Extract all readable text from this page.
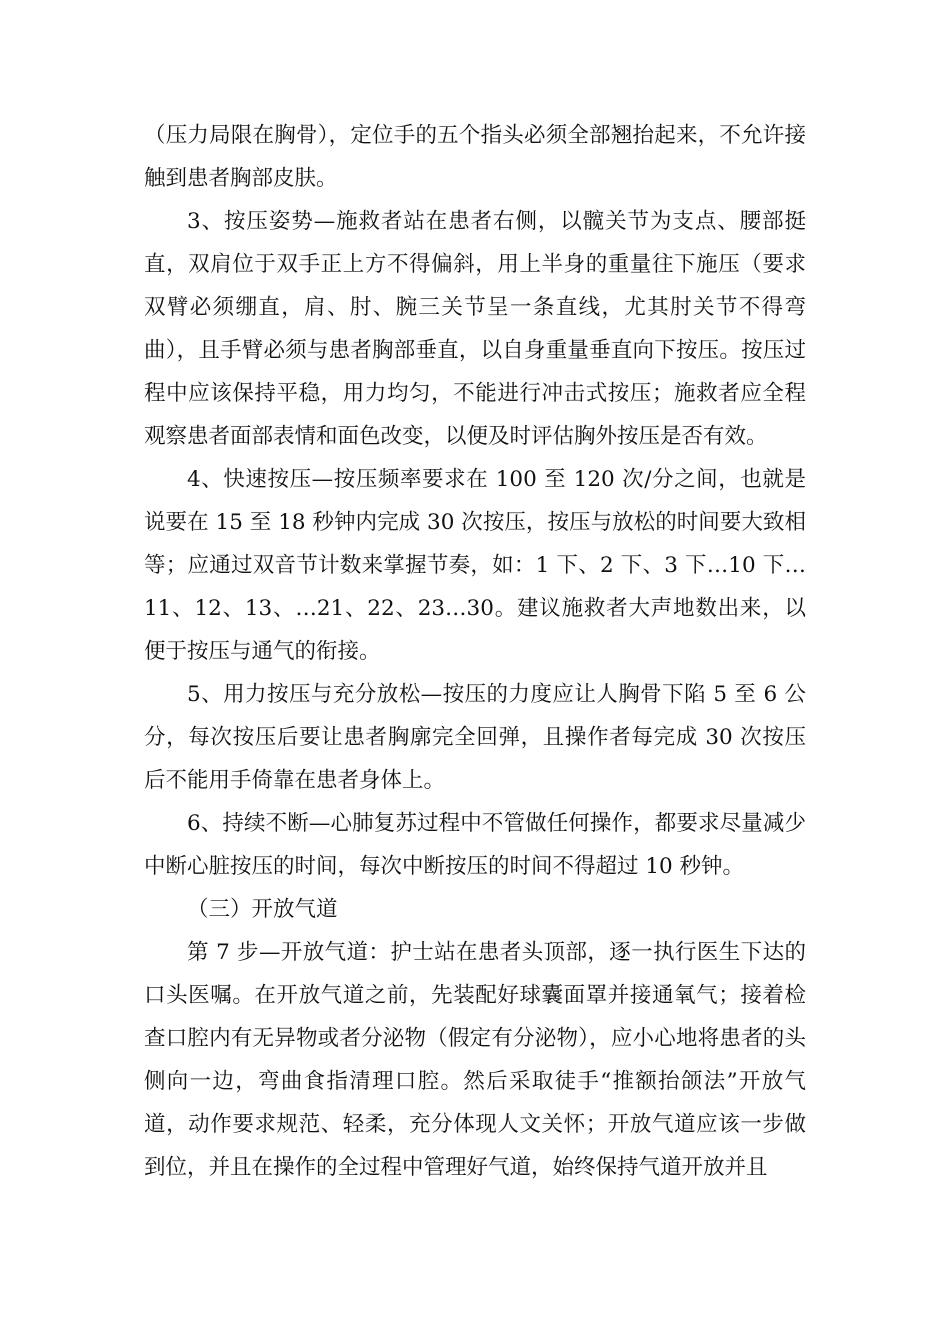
（压力局限在胸骨），定位手的五个指头必须全部翘抬起来，不允许接触到患者胸部皮肤。

3、按压姿势—施救者站在患者右侧，以髋关节为支点、腰部挺直，双肩位于双手正上方不得偏斜，用上半身的重量往下施压（要求双臂必须绷直，肩、肘、腕三关节呈一条直线，尤其肘关节不得弯曲），且手臂必须与患者胸部垂直，以自身重量垂直向下按压。按压过程中应该保持平稳，用力均匀，不能进行冲击式按压；施救者应全程观察患者面部表情和面色改变，以便及时评估胸外按压是否有效。

4、快速按压—按压频率要求在 100 至 120 次/分之间，也就是说要在 15 至 18 秒钟内完成 30 次按压，按压与放松的时间要大致相等；应通过双音节计数来掌握节奏，如：1 下、2 下、3 下…10 下…11、12、13、…21、22、23…30。建议施救者大声地数出来，以便于按压与通气的衔接。

5、用力按压与充分放松—按压的力度应让人胸骨下陷 5 至 6 公分，每次按压后要让患者胸廓完全回弹，且操作者每完成 30 次按压后不能用手倚靠在患者身体上。

6、持续不断—心肺复苏过程中不管做任何操作，都要求尽量减少中断心脏按压的时间，每次中断按压的时间不得超过 10 秒钟。

（三）开放气道

第 7 步—开放气道：护士站在患者头顶部，逐一执行医生下达的口头医嘱。在开放气道之前，先装配好球囊面罩并接通氧气；接着检查口腔内有无异物或者分泌物（假定有分泌物），应小心地将患者的头侧向一边，弯曲食指清理口腔。然后采取徒手“推额抬颌法”开放气道，动作要求规范、轻柔，充分体现人文关怀；开放气道应该一步做到位，并且在操作的全过程中管理好气道，始终保持气道开放并且
